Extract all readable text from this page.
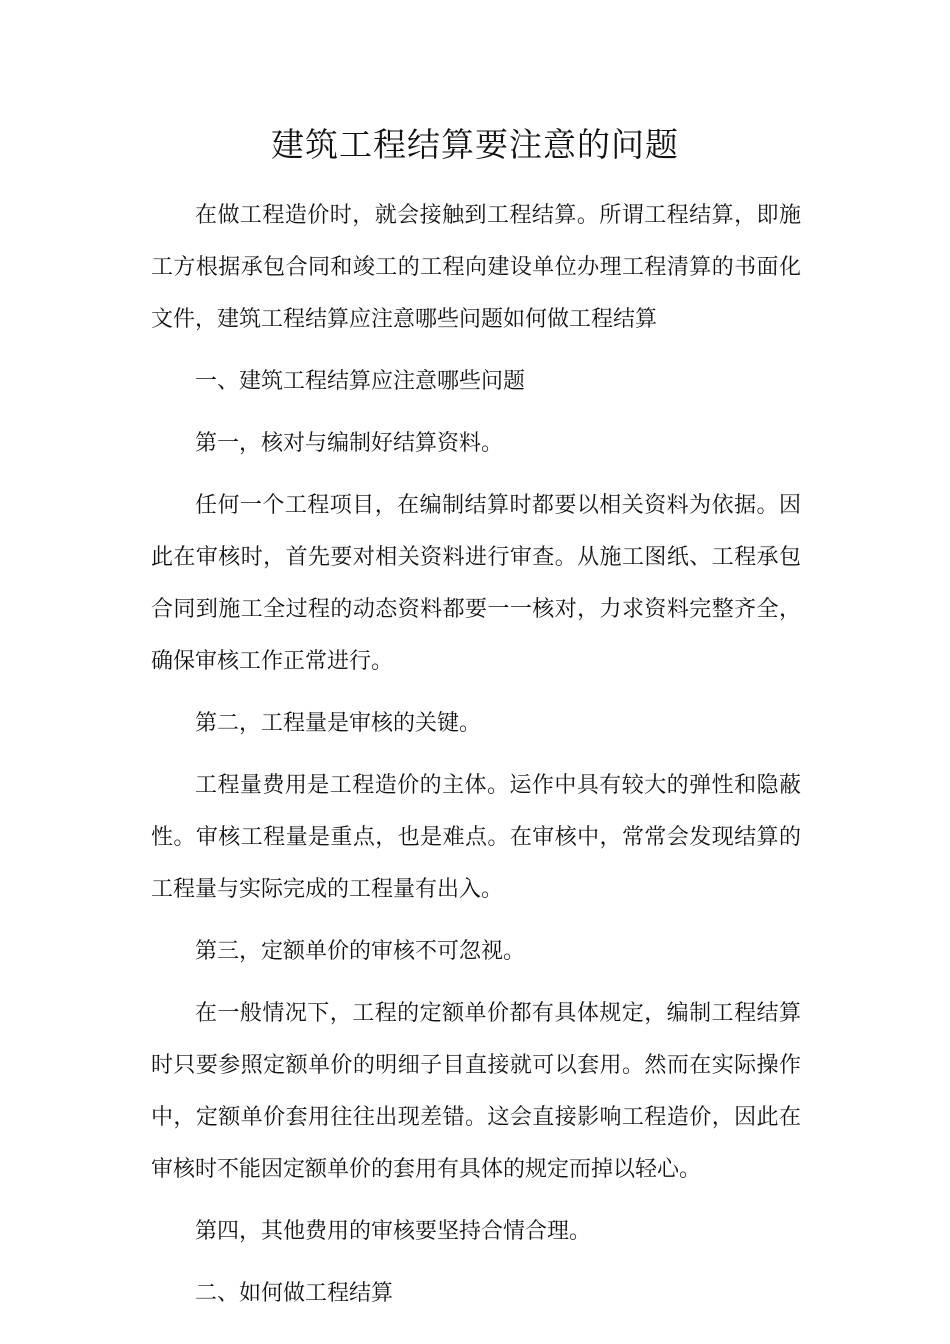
建筑工程结算要注意的问题

在做工程造价时，就会接触到工程结算。所谓工程结算，即施工方根据承包合同和竣工的工程向建设单位办理工程清算的书面化文件，建筑工程结算应注意哪些问题如何做工程结算

一、建筑工程结算应注意哪些问题

第一，核对与编制好结算资料。

任何一个工程项目，在编制结算时都要以相关资料为依据。因此在审核时，首先要对相关资料进行审查。从施工图纸、工程承包合同到施工全过程的动态资料都要一一核对，力求资料完整齐全，确保审核工作正常进行。

第二，工程量是审核的关键。

工程量费用是工程造价的主体。运作中具有较大的弹性和隐蔽性。审核工程量是重点，也是难点。在审核中，常常会发现结算的工程量与实际完成的工程量有出入。

第三，定额单价的审核不可忽视。

在一般情况下，工程的定额单价都有具体规定，编制工程结算时只要参照定额单价的明细子目直接就可以套用。然而在实际操作中，定额单价套用往往出现差错。这会直接影响工程造价，因此在审核时不能因定额单价的套用有具体的规定而掉以轻心。

第四，其他费用的审核要坚持合情合理。

二、如何做工程结算
